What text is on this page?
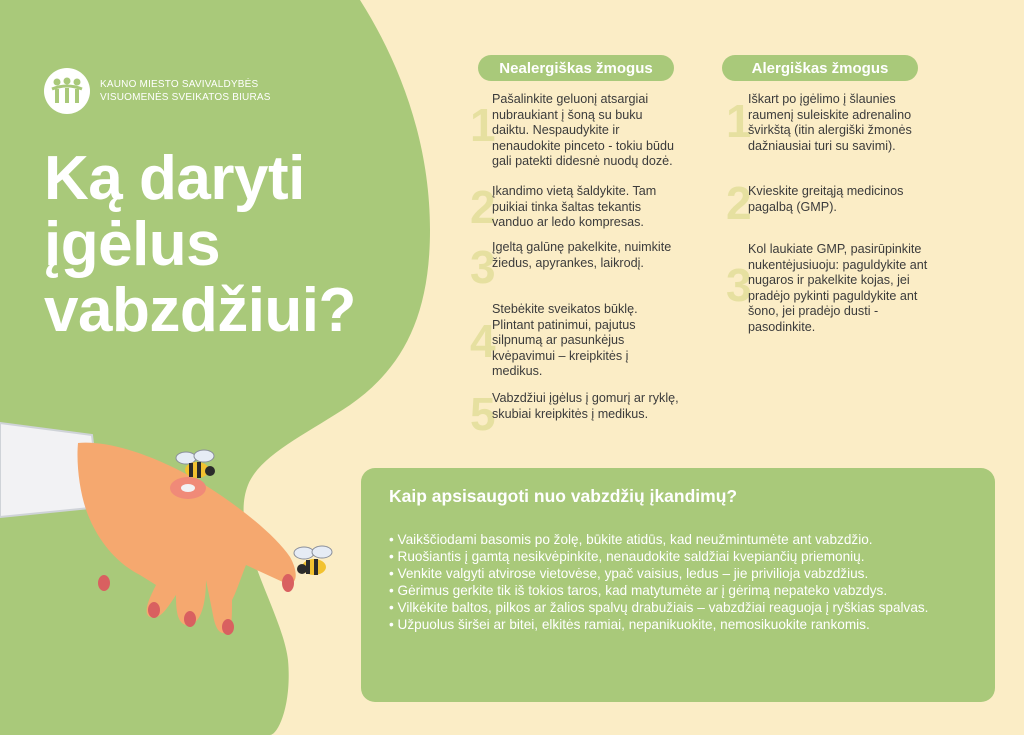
KAUNO MIESTO SAVIVALDYBĖS
VISUOMENĖS SVEIKATOS BIURAS
Ką daryti
įgėlus
vabzdžiui?
Nealergiškas žmogus	Alergiškas žmogus
1
Pašalinkite geluonį atsargiai nubraukiant į šoną su buku daiktu. Nespaudykite ir nenaudokite pinceto - tokiu būdu gali patekti didesnė nuodų dozė.
2
Įkandimo vietą šaldykite. Tam puikiai tinka šaltas tekantis vanduo ar ledo kompresas.
3
Įgeltą galūnę pakelkite, nuimkite žiedus, apyrankes, laikrodį.
4
Stebėkite sveikatos būklę. Plintant patinimui, pajutus silpnumą ar pasunkėjus kvėpavimui – kreipkitės į medikus.
5
Vabzdžiui įgėlus į gomurį ar ryklę, skubiai kreipkitės į medikus.
1
Iškart po įgėlimo į šlaunies raumenį suleiskite adrenalino švirkštą (itin alergiški žmonės dažniausiai turi su savimi).
2
Kvieskite greitąją medicinos pagalbą (GMP).
3
Kol laukiate GMP, pasirūpinkite nukentėjusiuoju: paguldykite ant nugaros ir pakelkite kojas, jei pradėjo pykinti paguldykite ant šono, jei pradėjo dusti - pasodinkite.
Kaip apsisaugoti nuo vabzdžių įkandimų?
• Vaikščiodami basomis po žolę, būkite atidūs, kad neužmintumėte ant vabzdžio.
• Ruošiantis į gamtą nesikvėpinkite, nenaudokite saldžiai kvepiančių priemonių.
• Venkite valgyti atvirose vietovėse, ypač vaisius, ledus – jie privilioja vabzdžius.
• Gėrimus gerkite tik iš tokios taros, kad matytumėte ar į gėrimą nepateko vabzdys.
• Vilkėkite baltos, pilkos ar žalios spalvų drabužiais – vabzdžiai reaguoja į ryškias spalvas.
• Užpuolus širšei ar bitei, elkitės ramiai, nepanikuokite, nemosikuokite rankomis.
